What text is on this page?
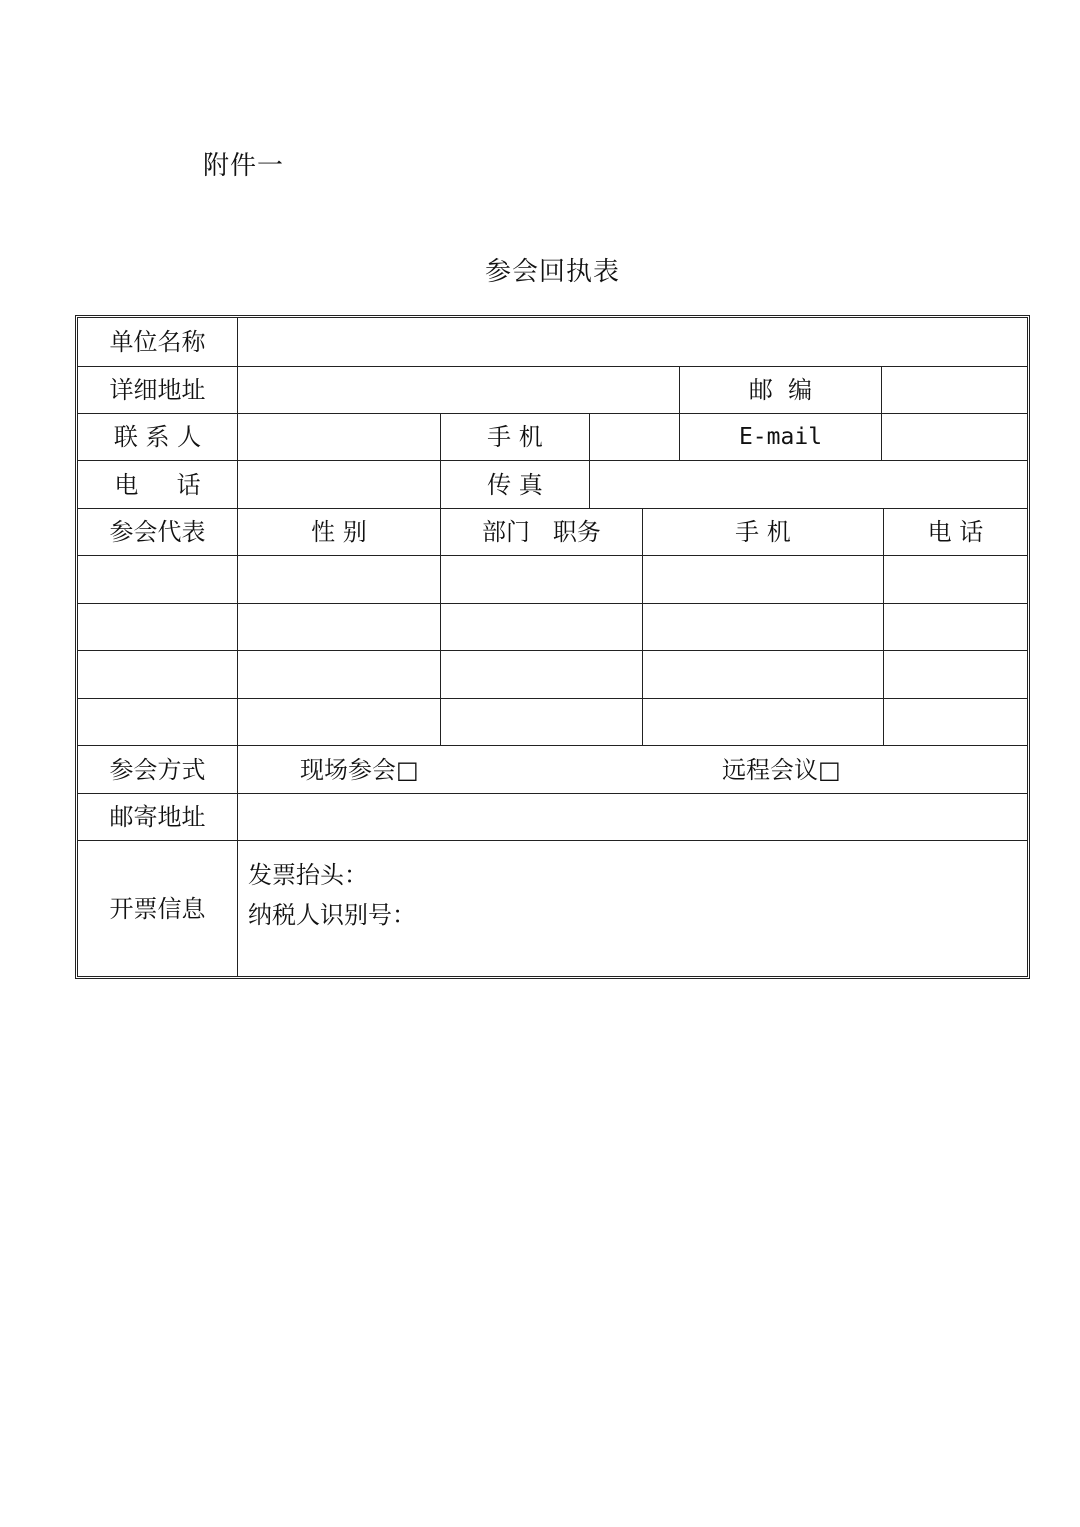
附件一
参会回执表
单位名称
详细地址	邮  编
联 系 人	手 机	E-mail
电     话	传 真
参会代表	性 别	部门   职务	手 机	电 话
参会方式	现场参会□	远程会议□
邮寄地址
开票信息
发票抬头：
纳税人识别号：
